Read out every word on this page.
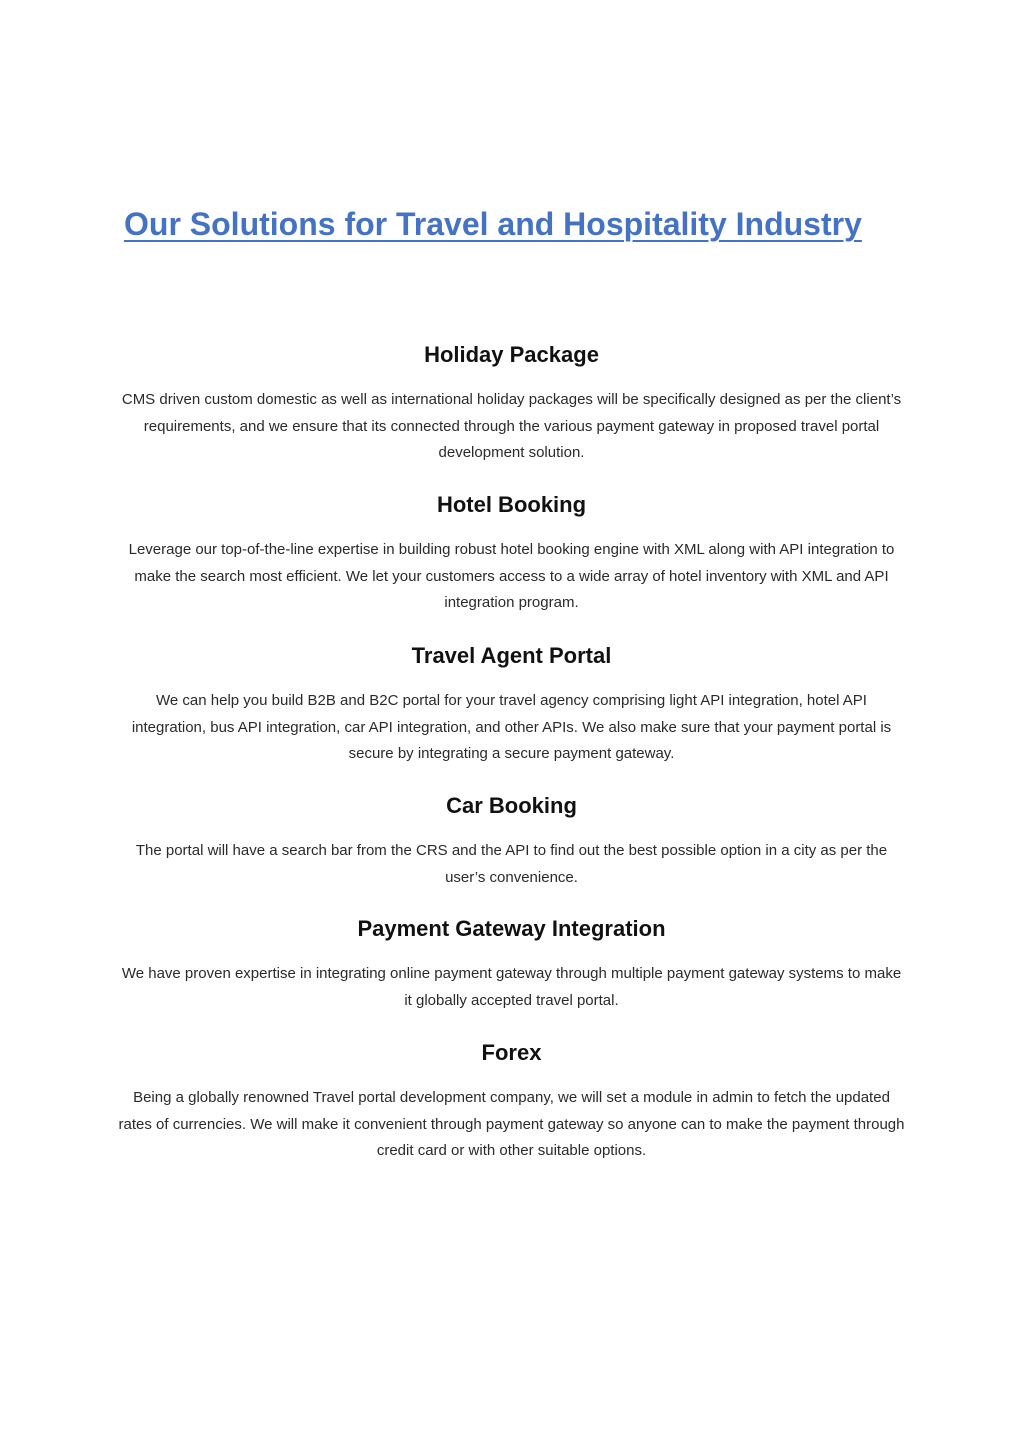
Our Solutions for Travel and Hospitality Industry
Holiday Package

CMS driven custom domestic as well as international holiday packages will be specifically designed as per the client’s requirements, and we ensure that its connected through the various payment gateway in proposed travel portal development solution.

Hotel Booking

Leverage our top-of-the-line expertise in building robust hotel booking engine with XML along with API integration to make the search most efficient. We let your customers access to a wide array of hotel inventory with XML and API integration program.

Travel Agent Portal

We can help you build B2B and B2C portal for your travel agency comprising light API integration, hotel API integration, bus API integration, car API integration, and other APIs. We also make sure that your payment portal is secure by integrating a secure payment gateway.

Car Booking

The portal will have a search bar from the CRS and the API to find out the best possible option in a city as per the user’s convenience.

Payment Gateway Integration

We have proven expertise in integrating online payment gateway through multiple payment gateway systems to make it globally accepted travel portal.

Forex

Being a globally renowned Travel portal development company, we will set a module in admin to fetch the updated rates of currencies. We will make it convenient through payment gateway so anyone can to make the payment through credit card or with other suitable options.
